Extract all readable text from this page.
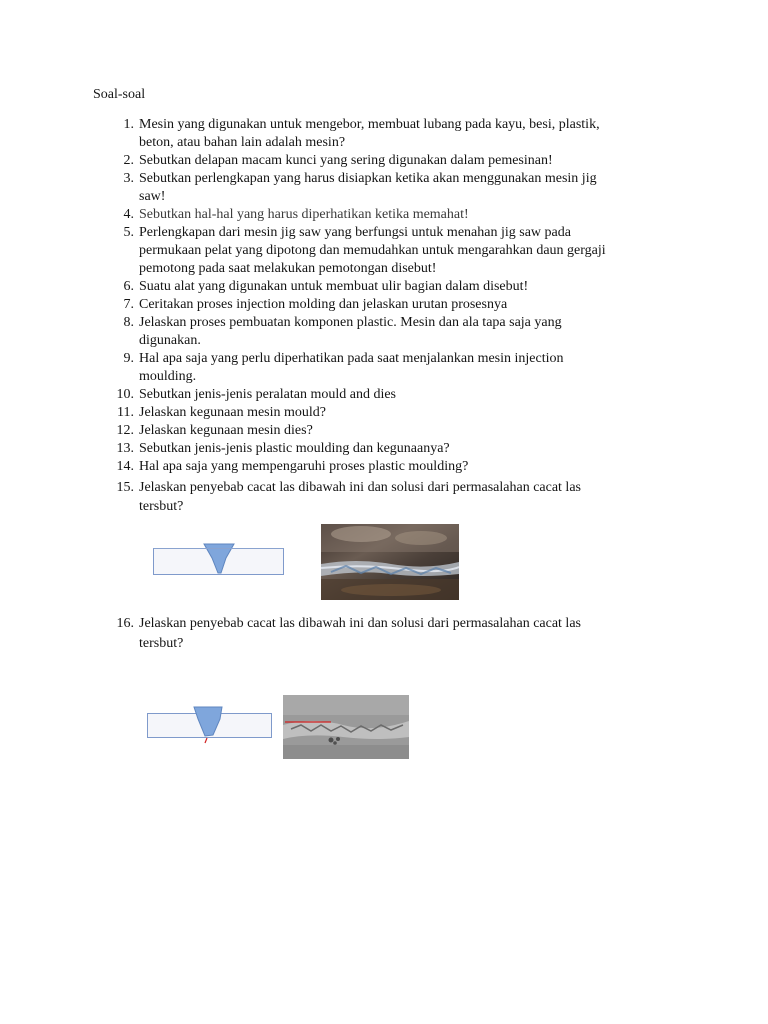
Soal-soal
1. Mesin yang digunakan untuk mengebor, membuat lubang pada kayu, besi, plastik,
beton, atau bahan lain adalah mesin?
2. Sebutkan delapan macam kunci yang sering digunakan dalam pemesinan!
3. Sebutkan perlengkapan yang harus disiapkan ketika akan menggunakan mesin jig
saw!
4. Sebutkan hal-hal yang harus diperhatikan ketika memahat!
5. Perlengkapan dari mesin jig saw yang berfungsi untuk menahan jig saw pada
permukaan pelat yang dipotong dan memudahkan untuk mengarahkan daun gergaji
pemotong pada saat melakukan pemotongan disebut!
6. Suatu alat yang digunakan untuk membuat ulir bagian dalam disebut!
7. Ceritakan proses injection molding dan jelaskan urutan prosesnya
8. Jelaskan proses pembuatan komponen plastic. Mesin dan ala tapa saja yang
digunakan.
9. Hal apa saja yang perlu diperhatikan pada saat menjalankan mesin injection
moulding.
10. Sebutkan jenis-jenis peralatan mould and dies
11. Jelaskan kegunaan mesin mould?
12. Jelaskan kegunaan mesin dies?
13. Sebutkan jenis-jenis plastic moulding dan kegunaanya?
14. Hal apa saja yang mempengaruhi proses plastic moulding?
15. Jelaskan penyebab cacat las dibawah ini dan solusi dari permasalahan cacat las
tersbut?
16. Jelaskan penyebab cacat las dibawah ini dan solusi dari permasalahan cacat las
tersbut?
